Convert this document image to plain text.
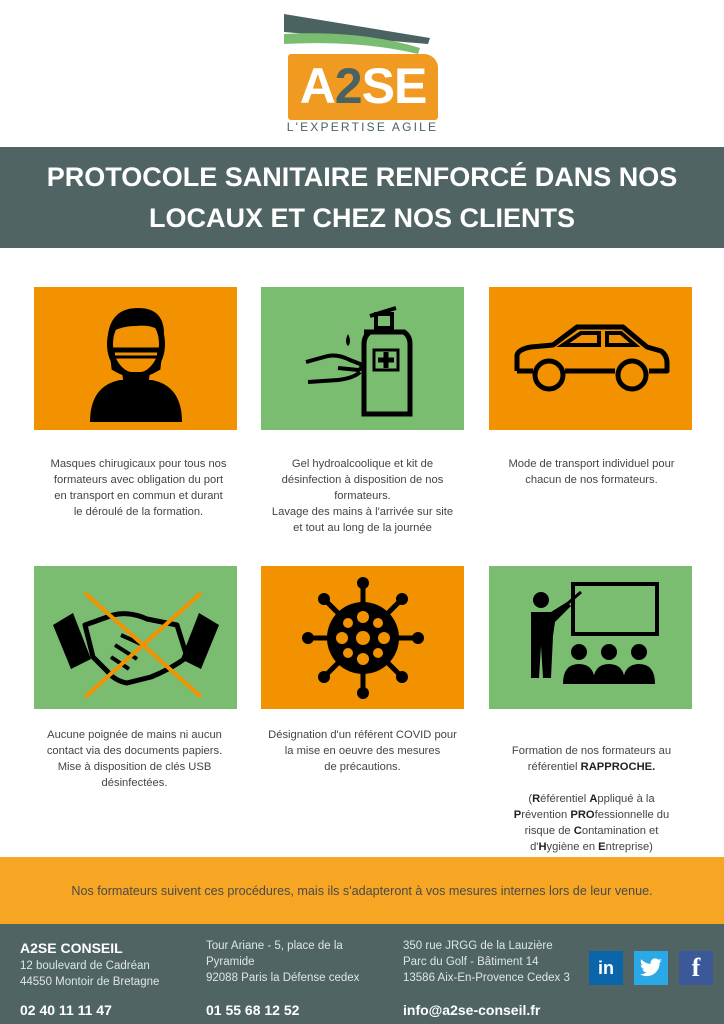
A2SE
L'EXPERTISE AGILE
PROTOCOLE SANITAIRE RENFORCÉ DANS NOS
LOCAUX ET CHEZ NOS CLIENTS
Masques chirugicaux pour tous nos
formateurs avec obligation du port
en transport en commun et durant
le déroulé de la formation.
Gel hydroalcoolique et kit de
désinfection à disposition de nos
formateurs.
Lavage des mains à l'arrivée sur site
et tout au long de la journée
Mode de transport individuel pour
chacun de nos formateurs.
Aucune poignée de mains ni aucun
contact via des documents papiers.
Mise à disposition de clés USB
désinfectées.
Désignation d'un référent COVID pour
la mise en oeuvre des mesures
de précautions.

Formation de nos formateurs au
référentiel RAPPROCHE.

(Référentiel Appliqué à la
Prévention PROfessionnelle du
risque de Contamination et
d'Hygiène en Entreprise)

Nos formateurs suivent ces procédures, mais ils s'adapteront à vos mesures internes lors de leur venue.
A2SE CONSEIL
12 boulevard de Cadréan
44550 Montoir de Bretagne
02 40 11 11 47
Tour Ariane - 5, place de la
Pyramide
92088 Paris la Défense cedex
01 55 68 12 52
350 rue JRGG de la Lauzière
Parc du Golf - Bâtiment 14
13586 Aix-En-Provence Cedex 3
info@a2se-conseil.fr
in	f
